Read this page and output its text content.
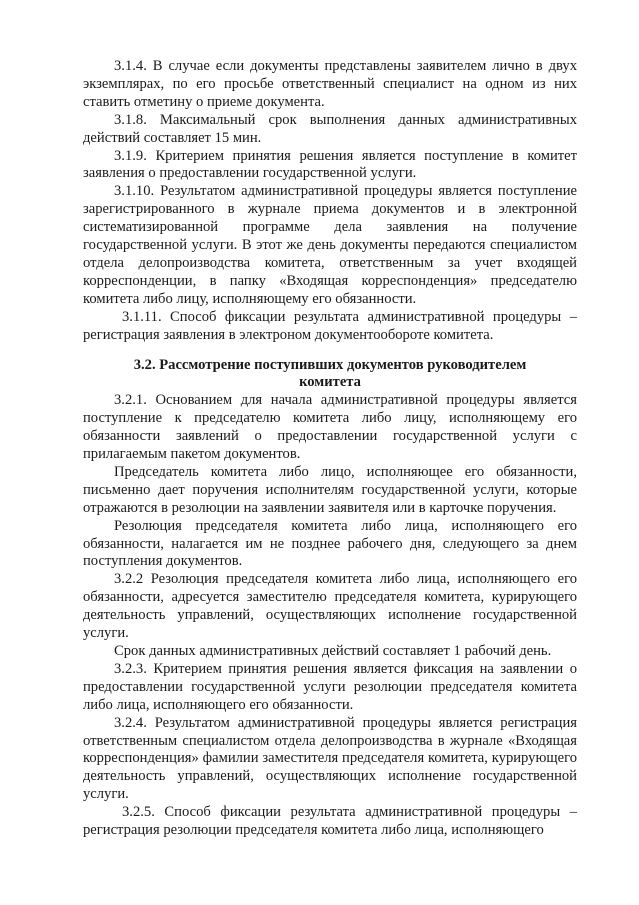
3.1.4. В случае если документы представлены заявителем лично в двух экземплярах, по его просьбе ответственный специалист на одном из них ставить отметину о приеме документа.

3.1.8. Максимальный срок выполнения данных административных действий составляет 15 мин.

3.1.9. Критерием принятия решения является поступление в комитет заявления о предоставлении государственной услуги.

3.1.10. Результатом административной процедуры является поступление зарегистрированного в журнале приема документов и в электронной систематизированной программе дела заявления на получение государственной услуги. В этот же день документы передаются специалистом отдела делопроизводства комитета, ответственным за учет входящей корреспонденции, в папку «Входящая корреспонденция» председателю комитета либо лицу, исполняющему его обязанности.

3.1.11. Способ фиксации результата административной процедуры – регистрация заявления в электроном документообороте комитета.

3.2. Рассмотрение поступивших документов руководителем комитета

3.2.1. Основанием для начала административной процедуры является поступление к председателю комитета либо лицу, исполняющему его обязанности заявлений о предоставлении государственной услуги с прилагаемым пакетом документов.

Председатель комитета либо лицо, исполняющее его обязанности, письменно дает поручения исполнителям государственной услуги, которые отражаются в резолюции на заявлении заявителя или в карточке поручения.

Резолюция председателя комитета либо лица, исполняющего его обязанности, налагается им не позднее рабочего дня, следующего за днем поступления документов.

3.2.2 Резолюция председателя комитета либо лица, исполняющего его обязанности, адресуется заместителю председателя комитета, курирующего деятельность управлений, осуществляющих исполнение государственной услуги.

Срок данных административных действий составляет 1 рабочий день.

3.2.3. Критерием принятия решения является фиксация на заявлении о предоставлении государственной услуги резолюции председателя комитета либо лица, исполняющего его обязанности.

3.2.4. Результатом административной процедуры является регистрация ответственным специалистом отдела делопроизводства в журнале «Входящая корреспонденция» фамилии заместителя председателя комитета, курирующего деятельность управлений, осуществляющих исполнение государственной услуги.

3.2.5. Способ фиксации результата административной процедуры – регистрация резолюции председателя комитета либо лица, исполняющего
